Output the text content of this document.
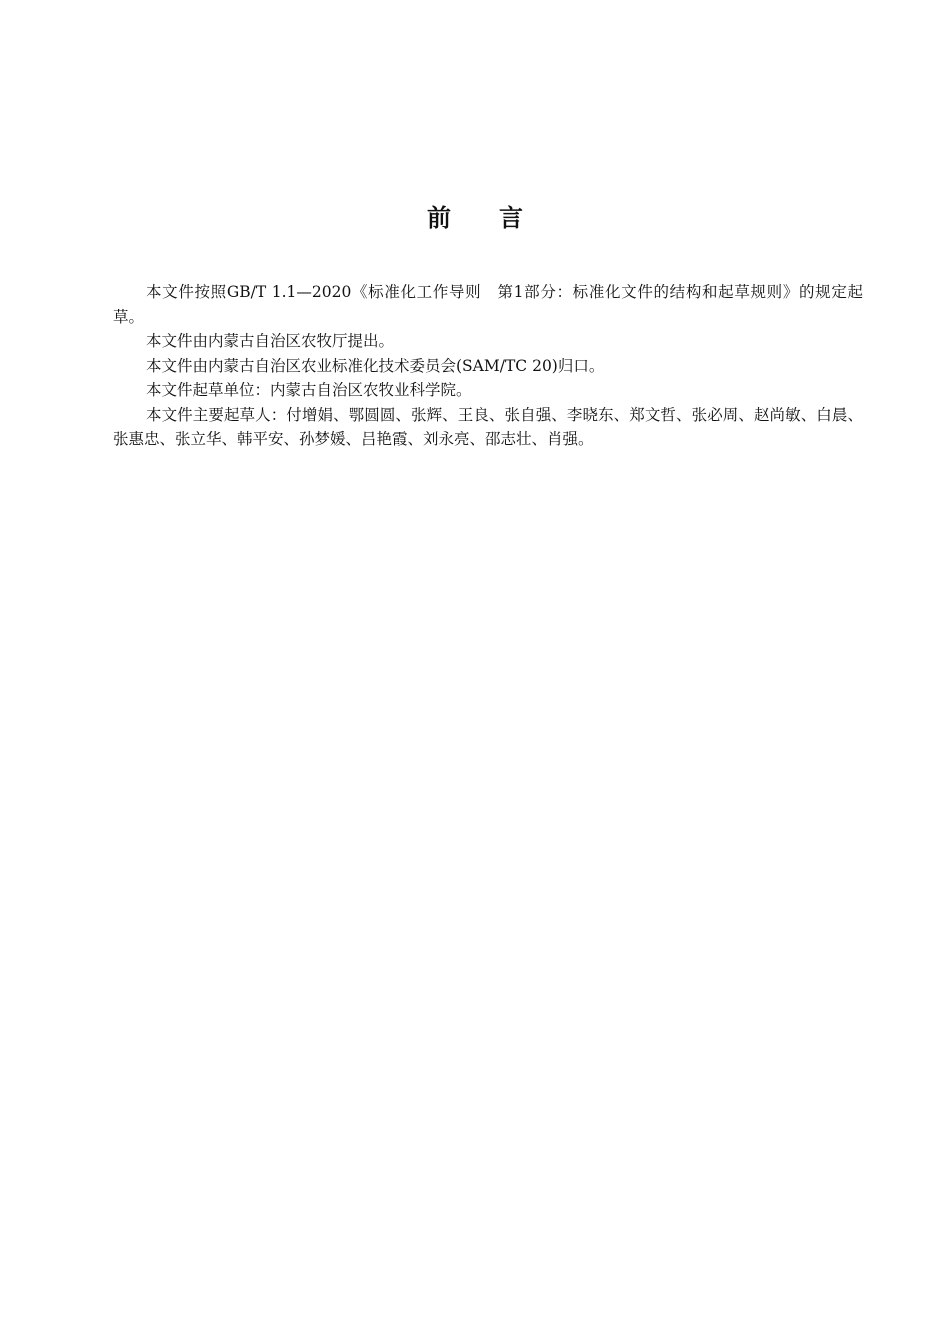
前 言

本文件按照GB/T 1.1—2020《标准化工作导则　第1部分：标准化文件的结构和起草规则》的规定起草。

本文件由内蒙古自治区农牧厅提出。

本文件由内蒙古自治区农业标准化技术委员会(SAM/TC 20)归口。

本文件起草单位：内蒙古自治区农牧业科学院。

本文件主要起草人：付增娟、鄂圆圆、张辉、王良、张自强、李晓东、郑文哲、张必周、赵尚敏、白晨、张惠忠、张立华、韩平安、孙梦媛、吕艳霞、刘永亮、邵志壮、肖强。
